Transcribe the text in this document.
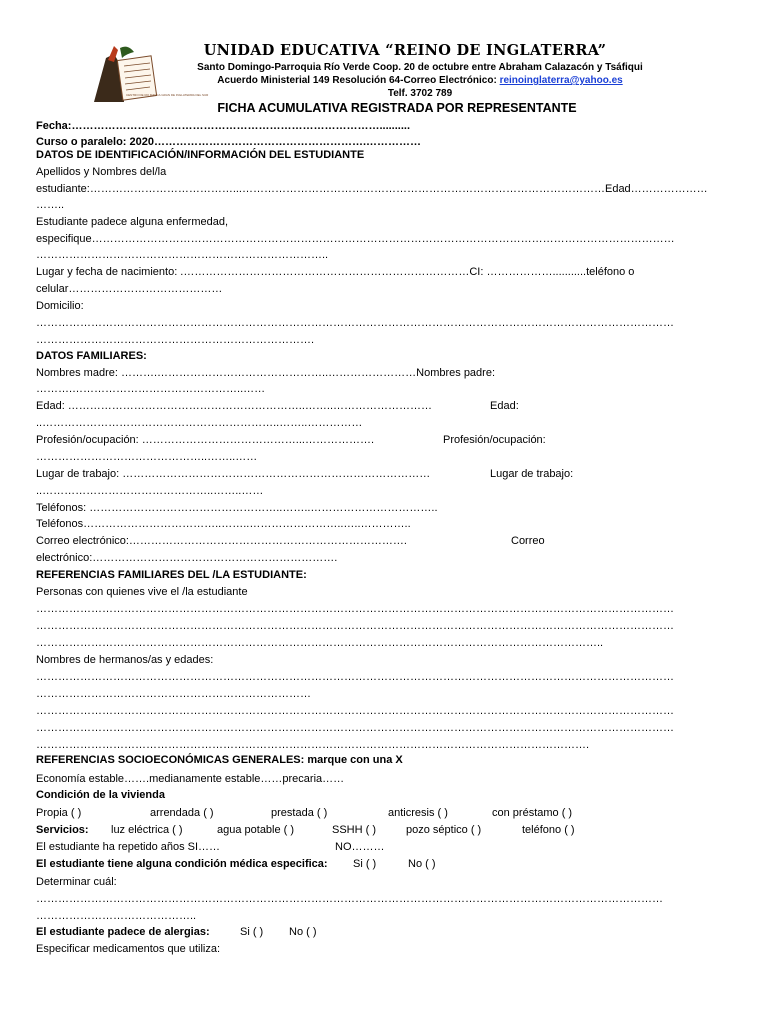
CENTRO DE RO MARCA GRAN DE INGLATERRA DEL SUR
UNIDAD EDUCATIVA “REINO DE INGLATERRA”
Santo Domingo-Parroquia Río Verde Coop. 20 de octubre entre Abraham Calazacón y Tsáfiqui
Acuerdo Ministerial 149 Resolución 64-Correo Electrónico: reinoinglaterra@yahoo.es
Telf. 3702 789
FICHA ACUMULATIVA REGISTRADA POR REPRESENTANTE
Fecha:…………………………………………………………………………..........
Curso o paralelo: 2020………………………………………………….……………
DATOS DE IDENTIFICACIÓN/INFORMACIÓN DEL ESTUDIANTE
Apellidos y Nombres del/la
estudiante:…………………………………...………………………………………………………………………………………Edad…………………
……..
Estudiante padece alguna enfermedad,
especifique……………………………………………………………………………………………………………………………………………
……………………………………………………………………..
Lugar y fecha de nacimiento: .……………………………………………………………………CI: ………………...........teléfono o
celular……………………………………
Domicilio:
…………………………………………………………………………………………………………………………………………………………
………………………………………………………………….
DATOS FAMILIARES:
Nombres madre: ……….………………………………………..……………………Nombres padre:
……….………………………………………..……
Edad: ………………………………………………………..……..………………………	Edad:
..………………………………………………………..……..……………
Profesión/ocupación: ……………………………………...……………….	Profesión/ocupación:
………………………………………..……..……
Lugar de trabajo: …………………………………………………………………………	Lugar de trabajo:
..………………………………………..……..……
Teléfonos: ……………………………………………..……..……………………………..
Teléfonos………………………………..……..……………………..…..…………..
Correo electrónico:………………………………………………………………….	Correo
electrónico:………………………………………………………….
REFERENCIAS FAMILIARES DEL /LA ESTUDIANTE:
Personas con quienes vive el /la estudiante
…………………………………………………………………………………………………………………………………………………………
…………………………………………………………………………………………………………………………………………………………
………………………………………………………………………………………………………………………………………..
Nombres de hermanos/as y edades:
…………………………………………………………………………………………………………………………………………………………
…………………………………………………………………
…………………………………………………………………………………………………………………………………………………………
…………………………………………………………………………………………………………………………………………………………
…………………………………………………………………………………………………………………………………….
REFERENCIAS SOCIOECONÓMICAS GENERALES: marque con una X
Economía estable…….medianamente estable……precaria……
Condición de la vivienda
Propia ( )	arrendada ( )	prestada ( )	anticresis ( )	con préstamo ( )
Servicios: luz eléctrica ( )	agua potable ( )	SSHH ( )	pozo séptico ( )	teléfono ( )
El estudiante ha repetido años SI……	NO………
El estudiante tiene alguna condición médica especifica: Si ( )	No ( )
Determinar cuál:
………………………………………………………………………………………………………………………………………………………
……………………………………..
El estudiante padece de alergias:	Si ( ) No ( )
Especificar medicamentos que utiliza:
